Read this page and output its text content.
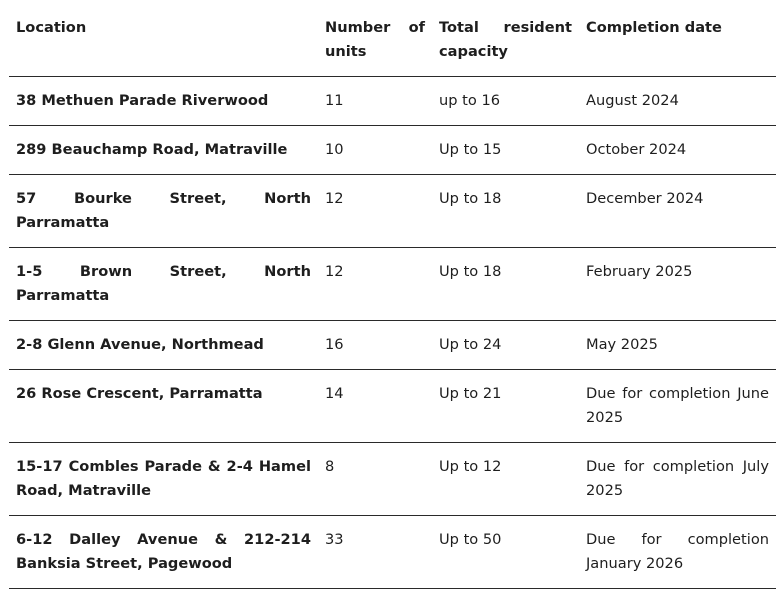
Location	Number of units	Total resident capacity	Completion date
38 Methuen Parade Riverwood	11	up to 16	August 2024
289 Beauchamp Road, Matraville	10	Up to 15	October 2024
57 Bourke Street, North Parramatta	12	Up to 18	December 2024
1-5 Brown Street, North Parramatta	12	Up to 18	February 2025
2-8 Glenn Avenue, Northmead	16	Up to 24	May 2025
26 Rose Crescent, Parramatta	14	Up to 21	Due for completion June 2025
15-17 Combles Parade & 2-4 Hamel Road, Matraville	8	Up to 12	Due for completion July 2025
6-12 Dalley Avenue & 212-214 Banksia Street, Pagewood	33	Up to 50	Due for completion January 2026
